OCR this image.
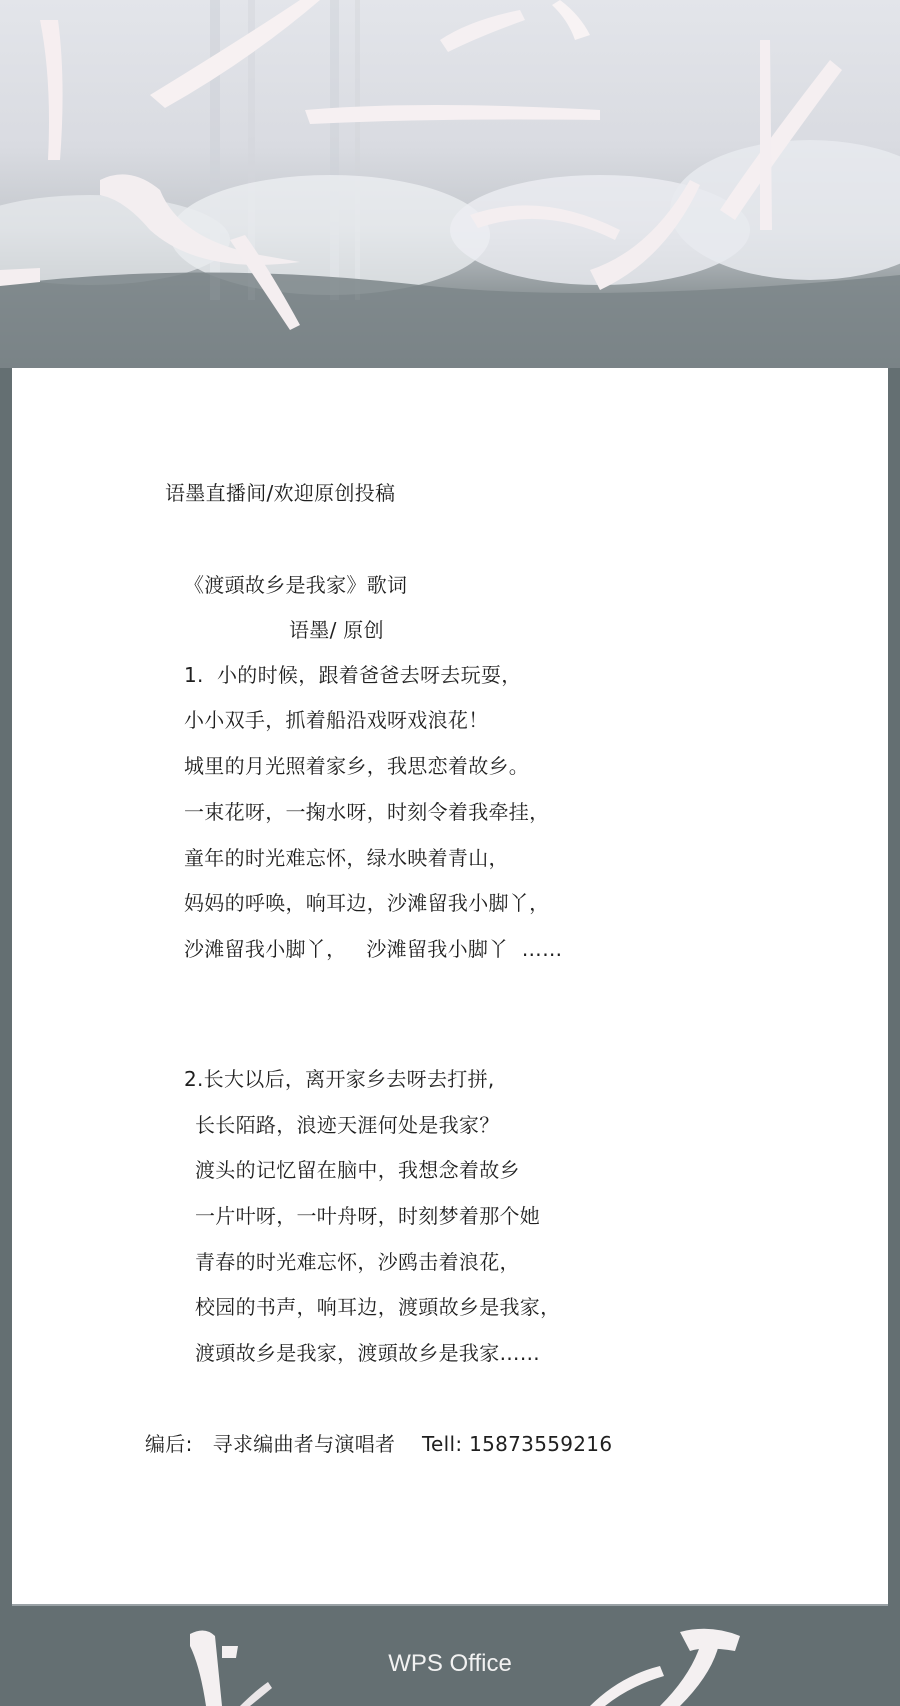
语墨直播间/欢迎原创投稿
《渡頭故乡是我家》歌词
语墨/ 原创
1.  小的时候，跟着爸爸去呀去玩耍，
小小双手，抓着船沿戏呀戏浪花！
城里的月光照着家乡，我思恋着故乡。
一束花呀，一掬水呀，时刻令着我牵挂，
童年的时光难忘怀，绿水映着青山，
妈妈的呼唤，响耳边，沙滩留我小脚丫，
沙滩留我小脚丫，   沙滩留我小脚丫  ……
2.长大以后，离开家乡去呀去打拼,
长长陌路，浪迹天涯何处是我家？
渡头的记忆留在脑中，我想念着故乡
一片叶呀，一叶舟呀，时刻梦着那个她
青春的时光难忘怀，沙鸥击着浪花，
校园的书声，响耳边，渡頭故乡是我家，
渡頭故乡是我家，渡頭故乡是我家……
编后:   寻求编曲者与演唱者    Tell: 15873559216
WPS Office
